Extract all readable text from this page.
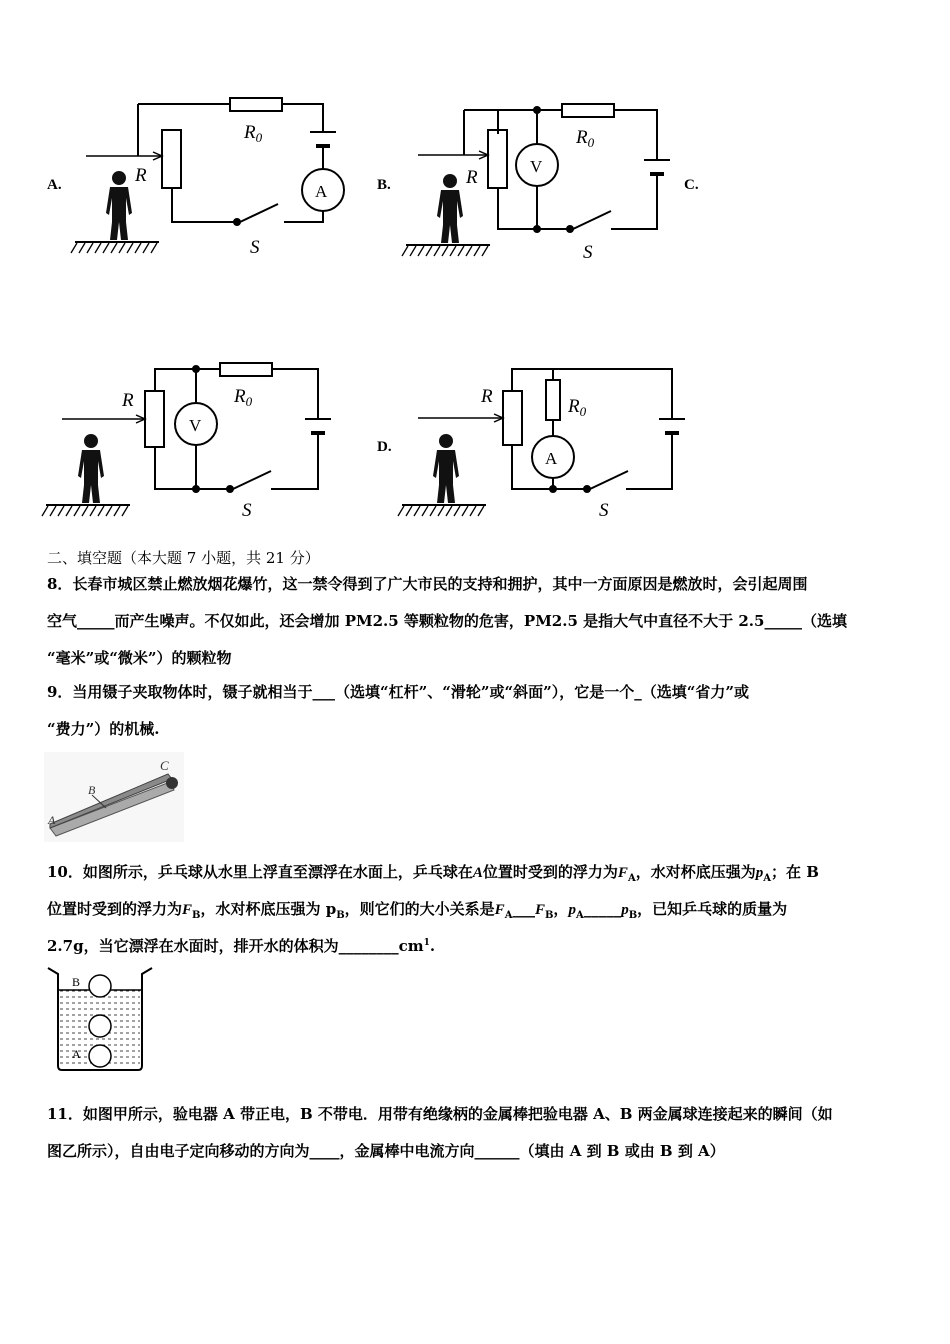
R
$R_0$
A
S
R
$R_0$
V
S
R	$R_0$
V
S
R	$R_0$
A
S
A.	B.	C.
D.
二、填空题（本大题 7 小题，共 21 分）
8．长春市城区禁止燃放烟花爆竹，这一禁令得到了广大市民的支持和拥护，其中一方面原因是燃放时，会引起周围
空气_____而产生噪声。不仅如此，还会增加 PM2.5 等颗粒物的危害，PM2.5 是指大气中直径不大于 2.5_____（选填
“毫米”或“微米”）的颗粒物
9．当用镊子夹取物体时，镊子就相当于___（选填“杠杆”、“滑轮”或“斜面”），它是一个_（选填“省力”或
“费力”）的机械.
B
C
A
10．如图所示，乒乓球从水里上浮直至漂浮在水面上，乒乓球在A位置时受到的浮力为$F_A$，水对杯底压强为$p_A$；在 B
位置时受到的浮力为$F_B$，水对杯底压强为 $p_B$，则它们的大小关系是$F_A\_\_\_F_B$，$p_A\_\_\_\_\_p_B$，已知乒乓球的质量为
2.7g，当它漂浮在水面时，排开水的体积为$\_\_\_\_\_\_\_\_cm^1$.
B
A
11．如图甲所示，验电器 A 带正电，B 不带电．用带有绝缘柄的金属棒把验电器 A、B 两金属球连接起来的瞬间（如
图乙所示），自由电子定向移动的方向为____，金属棒中电流方向______（填由 A 到 B 或由 B 到 A）
